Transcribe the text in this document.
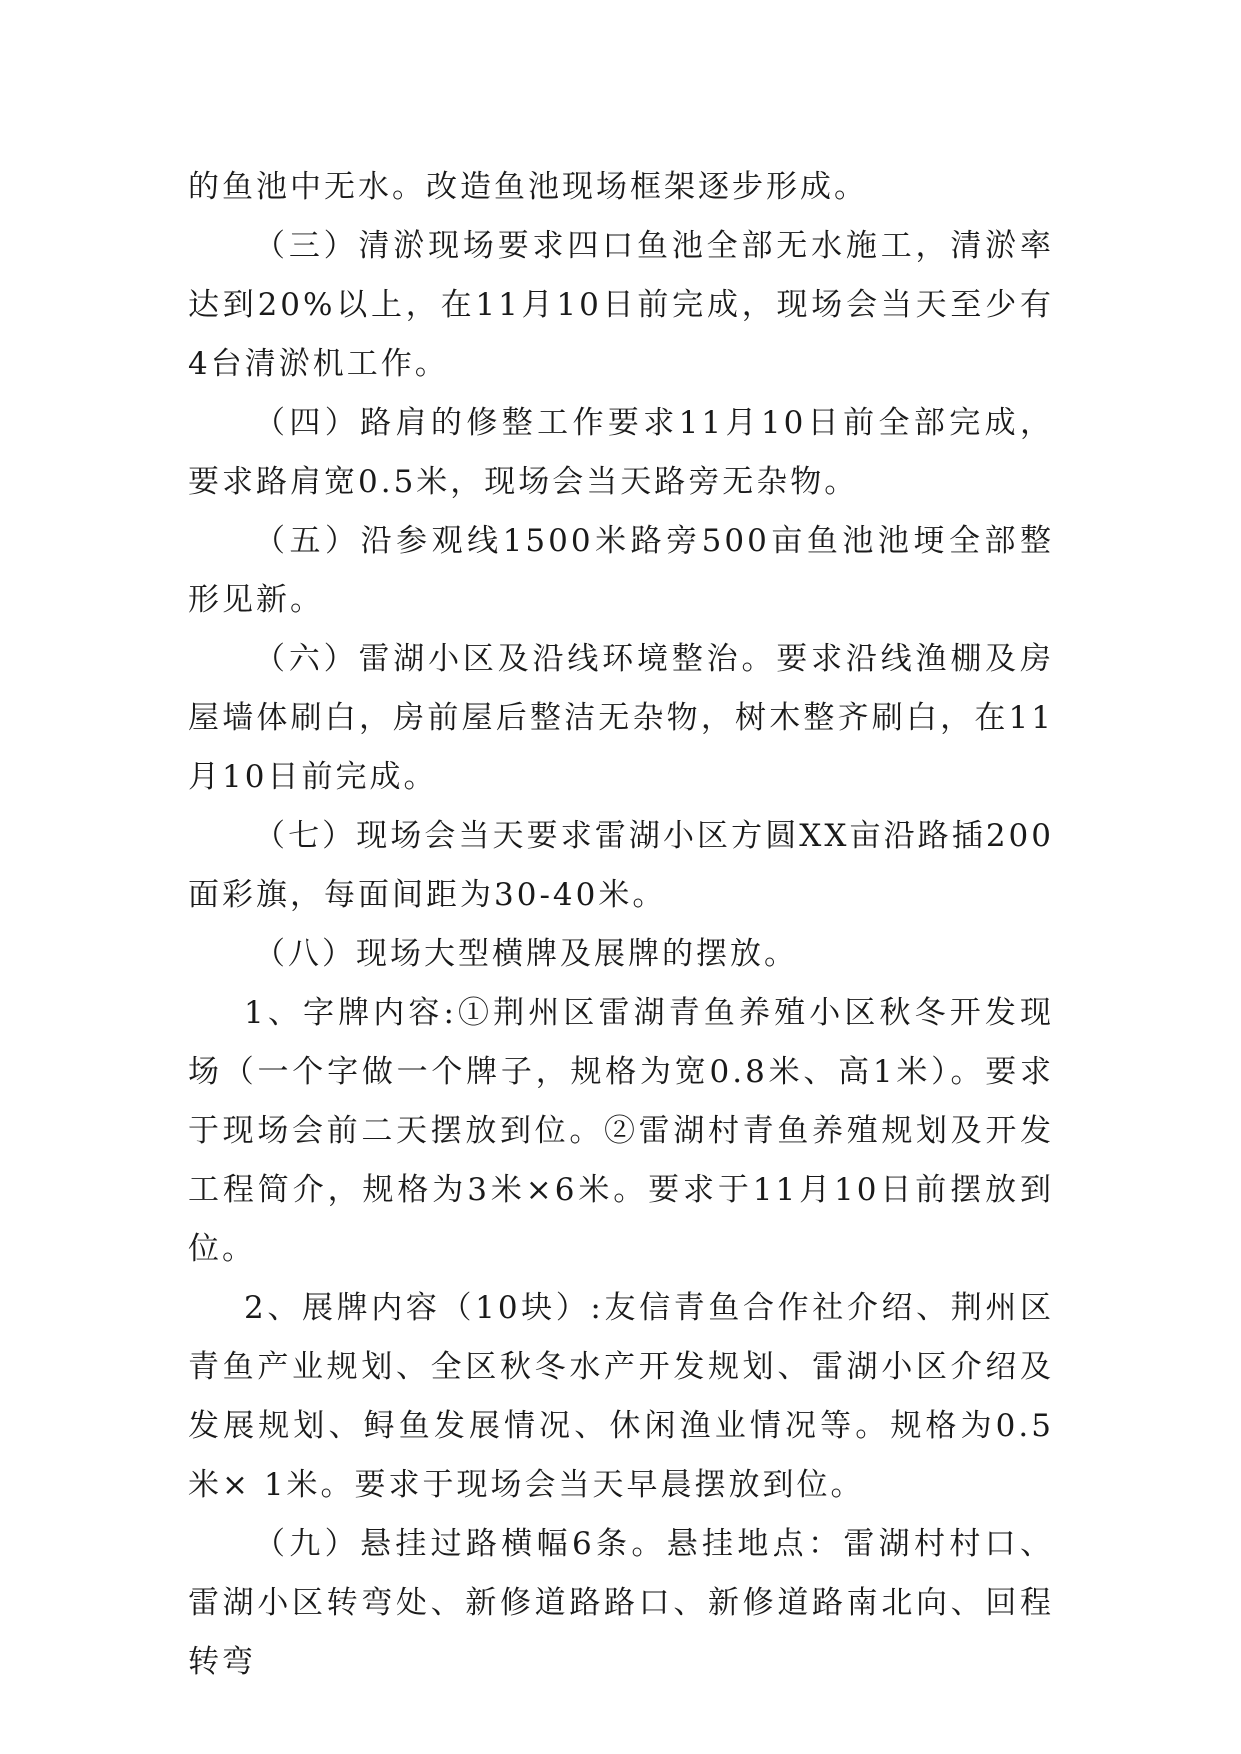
的鱼池中无水。改造鱼池现场框架逐步形成。

（三）清淤现场要求四口鱼池全部无水施工，清淤率达到20%以上，在11月10日前完成，现场会当天至少有4台清淤机工作。

（四）路肩的修整工作要求11月10日前全部完成，要求路肩宽0.5米，现场会当天路旁无杂物。

（五）沿参观线1500米路旁500亩鱼池池埂全部整形见新。

（六）雷湖小区及沿线环境整治。要求沿线渔棚及房屋墙体刷白，房前屋后整洁无杂物，树木整齐刷白，在11月10日前完成。

（七）现场会当天要求雷湖小区方圆XX亩沿路插200面彩旗，每面间距为30-40米。

（八）现场大型横牌及展牌的摆放。

1、字牌内容:①荆州区雷湖青鱼养殖小区秋冬开发现场（一个字做一个牌子，规格为宽0.8米、高1米）。要求于现场会前二天摆放到位。②雷湖村青鱼养殖规划及开发工程简介，规格为3米×6米。要求于11月10日前摆放到位。

2、展牌内容（10块）:友信青鱼合作社介绍、荆州区青鱼产业规划、全区秋冬水产开发规划、雷湖小区介绍及发展规划、鲟鱼发展情况、休闲渔业情况等。规格为0.5米× 1米。要求于现场会当天早晨摆放到位。

（九）悬挂过路横幅6条。悬挂地点：雷湖村村口、雷湖小区转弯处、新修道路路口、新修道路南北向、回程转弯
